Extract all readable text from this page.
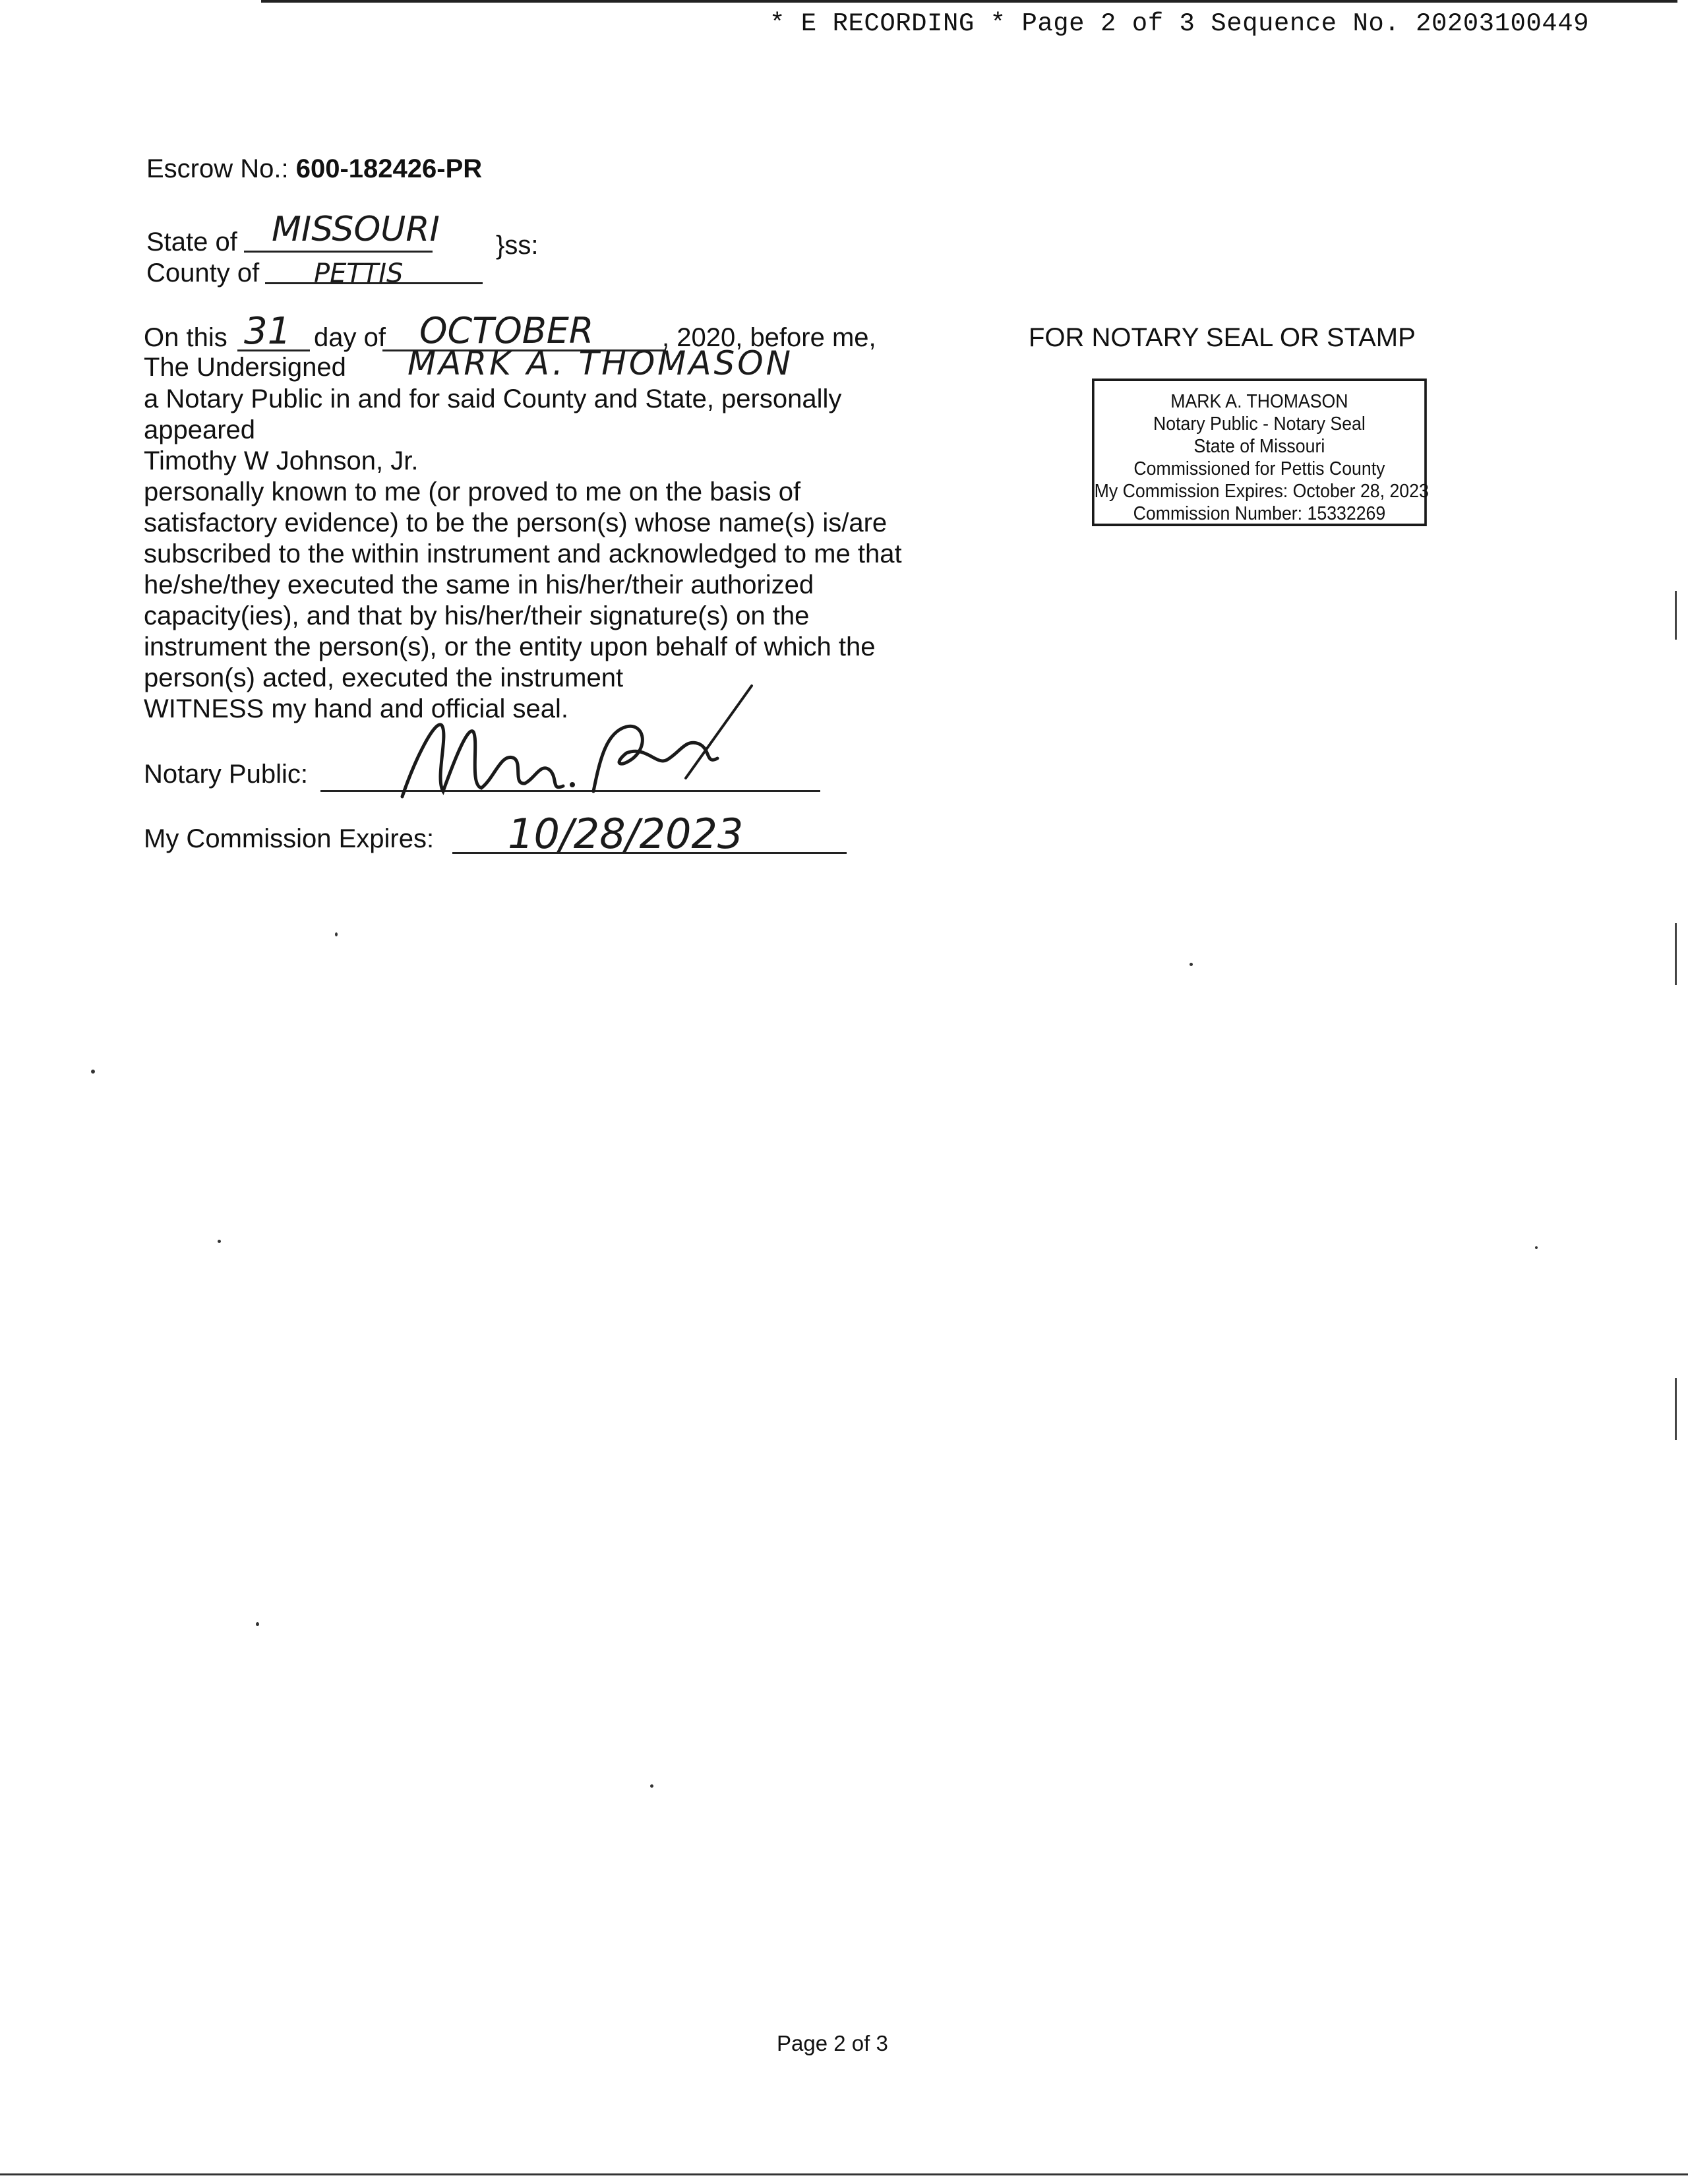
* E RECORDING * Page 2 of 3 Sequence No. 20203100449
Escrow No.: 600-182426-PR
State of MISSOURI }ss:
County of PETTIS
On this 31 day of OCTOBER	, 2020, before me,
The Undersigned MARK A. THOMASON
a Notary Public in and for said County and State, personally
appeared
Timothy W Johnson, Jr.
personally known to me (or proved to me on the basis of
satisfactory evidence) to be the person(s) whose name(s) is/are
subscribed to the within instrument and acknowledged to me that
he/she/they executed the same in his/her/their authorized
capacity(ies), and that by his/her/their signature(s) on the
instrument the person(s), or the entity upon behalf of which the
person(s) acted, executed the instrument
WITNESS my hand and official seal.
Notary Public:
My Commission Expires: 10/28/2023
FOR NOTARY SEAL OR STAMP
MARK A. THOMASON
Notary Public - Notary Seal
State of Missouri
Commissioned for Pettis County
My Commission Expires: October 28, 2023
Commission Number: 15332269
Page 2 of 3
